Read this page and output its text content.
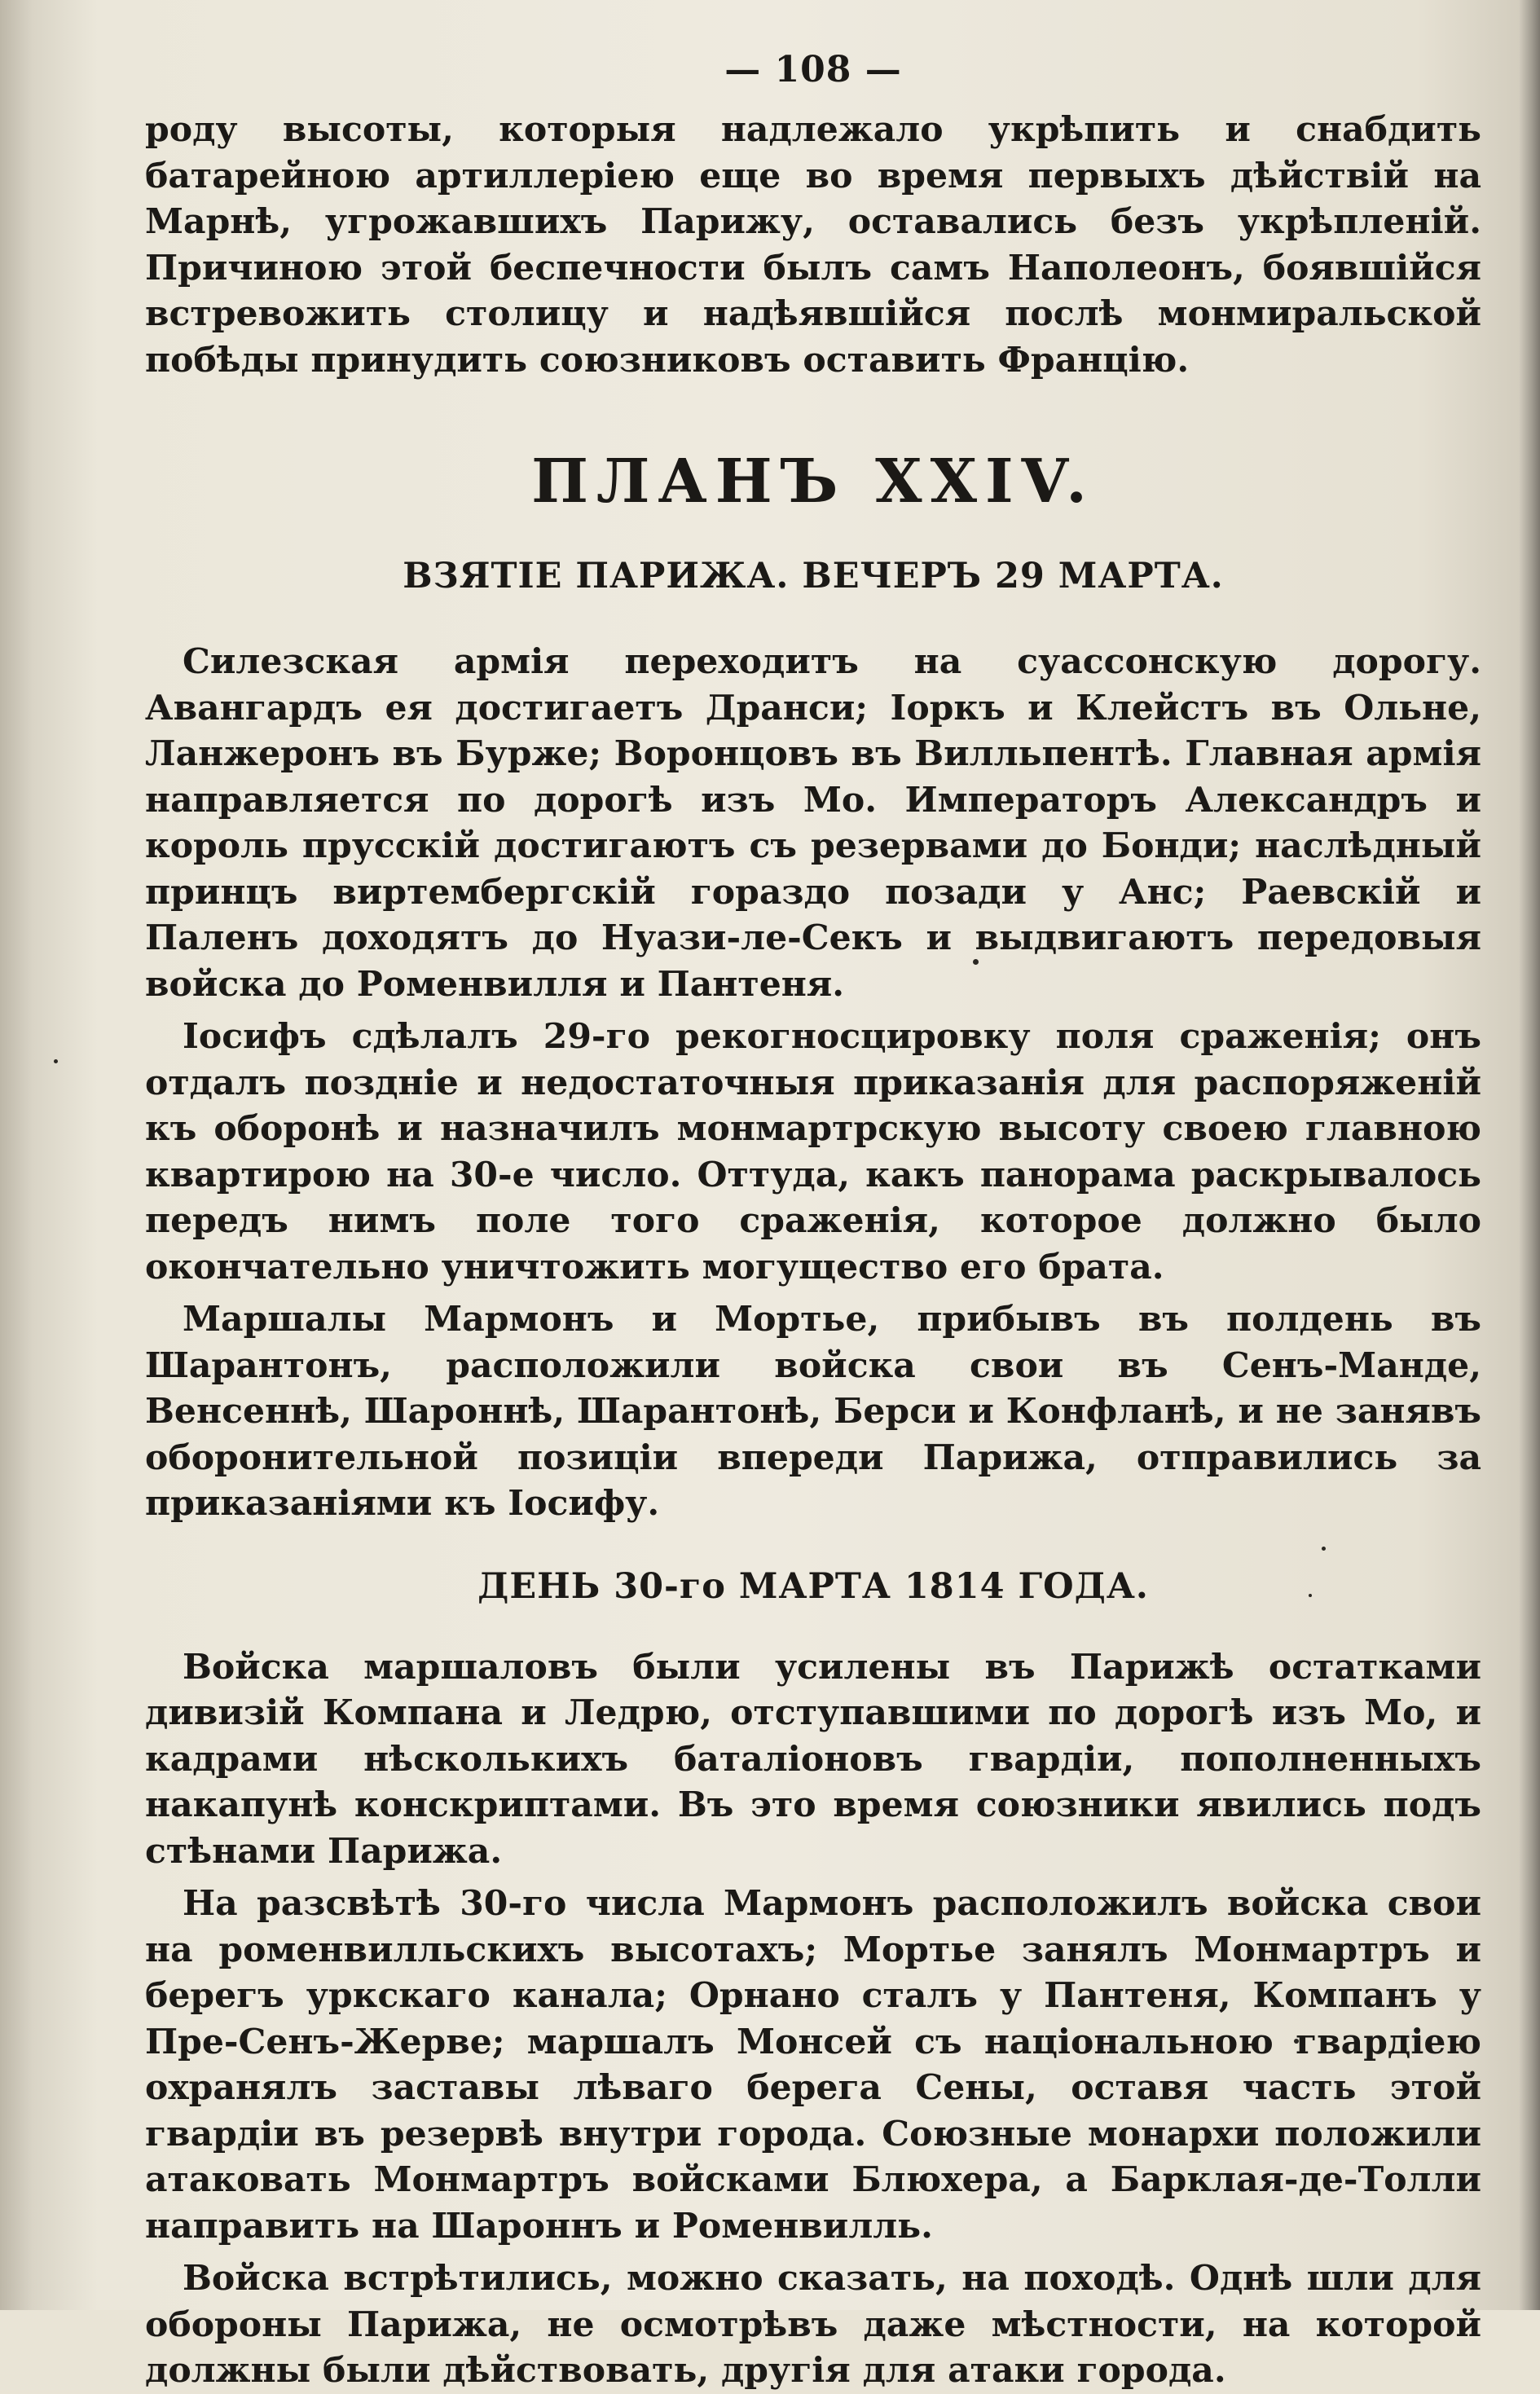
— 108 —

роду высоты, которыя надлежало укрѣпить и снабдить батарейною артиллеріею еще во время первыхъ дѣйствій на Марнѣ, угрожавшихъ Парижу, оставались безъ укрѣпленій. Причиною этой беспечности былъ самъ Наполеонъ, боявшійся встревожить столицу и надѣявшійся послѣ монмиральской побѣды принудить союзниковъ оставить Францію.

ПЛАНЪ XXIV.
ВЗЯТІЕ ПАРИЖА. ВЕЧЕРЪ 29 МАРТА.

Силезская армія переходитъ на суассонскую дорогу. Авангардъ ея достигаетъ Дранси; Іоркъ и Клейстъ въ Ольне, Ланжеронъ въ Бурже; Воронцовъ въ Вилльпентѣ. Главная армія направляется по дорогѣ изъ Мо. Императоръ Александръ и король прусскій достигаютъ съ резервами до Бонди; наслѣдный принцъ виртембергскій гораздо позади у Анс; Раевскій и Паленъ доходятъ до Нуази-ле-Секъ и выдвигаютъ передовыя войска до Роменвилля и Пантеня.

Іосифъ сдѣлалъ 29-го рекогносцировку поля сраженія; онъ отдалъ поздніе и недостаточныя приказанія для распоряженій къ оборонѣ и назначилъ монмартрскую высоту своею главною квартирою на 30-е число. Оттуда, какъ панорама раскрывалось передъ нимъ поле того сраженія, которое должно было окончательно уничтожить могущество его брата.

Маршалы Мармонъ и Мортье, прибывъ въ полдень въ Шарантонъ, расположили войска свои въ Сенъ-Манде, Венсеннѣ, Шароннѣ, Шарантонѣ, Берси и Конфланѣ, и не занявъ оборонительной позиціи впереди Парижа, отправились за приказаніями къ Іосифу.

ДЕНЬ 30-го МАРТА 1814 ГОДА.

Войска маршаловъ были усилены въ Парижѣ остатками дивизій Компана и Ледрю, отступавшими по дорогѣ изъ Мо, и кадрами нѣсколькихъ баталіоновъ гвардіи, пополненныхъ накапунѣ конскриптами. Въ это время союзники явились подъ стѣнами Парижа.

На разсвѣтѣ 30-го числа Мармонъ расположилъ войска свои на роменвилльскихъ высотахъ; Мортье занялъ Монмартръ и берегъ уркскаго канала; Орнано сталъ у Пантеня, Компанъ у Пре-Сенъ-Жерве; маршалъ Монсей съ національною гвардіею охранялъ заставы лѣваго берега Сены, оставя часть этой гвардіи въ резервѣ внутри города. Союзные монархи положили атаковать Монмартръ войсками Блюхера, а Барклая-де-Толли направить на Шароннъ и Роменвилль.

Войска встрѣтились, можно сказать, на походѣ. Однѣ шли для обороны Парижа, не осмотрѣвъ даже мѣстности, на которой должны были дѣйствовать, другія для атаки города.
